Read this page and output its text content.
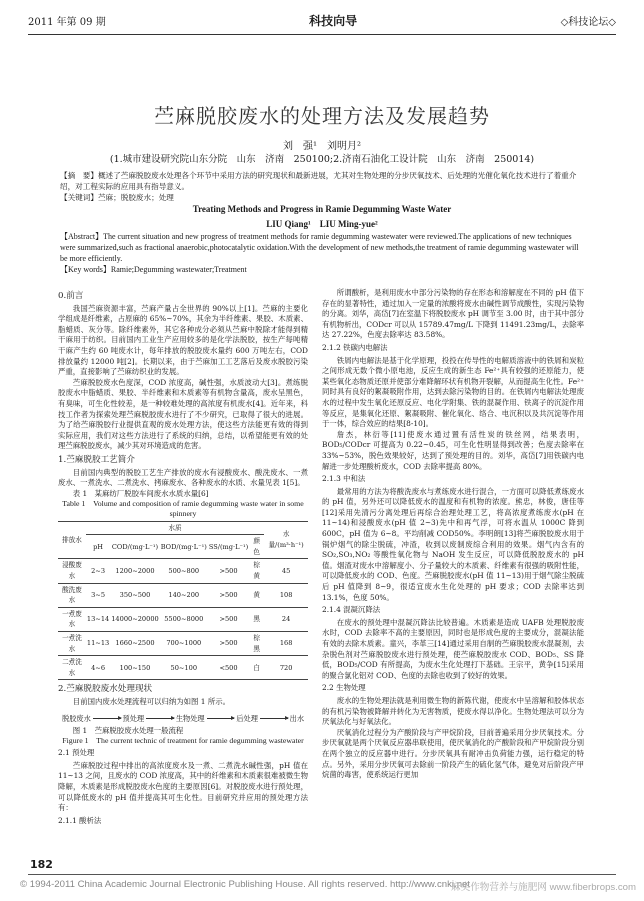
2011 年第 09 期	科技向导	◇科技论坛◇
苎麻脱胶废水的处理方法及发展趋势
刘　强¹　刘明月²
(1.城市建设研究院山东分院　山东　济南　250100;2.济南石油化工设计院　山东　济南　250014)

【摘　要】概述了苎麻脱胶废水处理各个环节中采用方法的研究现状和最新进展，尤其对生物处理的分步厌氧技术、后处理的光催化氧化技术进行了着重介绍，对工程实际的应用具有指导意义。

【关键词】苎麻；脱胶废水；处理

Treating Methods and Progress in Ramie Degumming Waste Water
LIU Qiang¹　LIU Ming-yue²

【Abstract】The current situation and new progress of treatment methods for ramie degumming wastewater were reviewed.The applications of new techniques were summarized,such as fractional anaerobic,photocatalytic oxidation.With the development of new methods,the treatment of ramie degumming wastewater will be more efficiently.

【Key words】Ramie;Degumming wastewater;Treatment

0.前言

我国苎麻资源丰富，苎麻产量占全世界的 90%以上[1]。苎麻的主要化学组成是纤维素，占原麻的 65%~70%，其余为半纤维素、果胶、木质素、脂蜡质、灰分等。除纤维素外，其它各种成分必须从苎麻中脱除才能得到精干麻用于纺织。目前国内工业生产应用较多的是化学法脱胶，按生产每吨精干麻产生约 60 吨废水计，每年排放的脱胶废水量约 600 万吨左右，COD 排放量约 12000 吨[2]。长期以来，由于苎麻加工工艺落后及废水脱胶污染严重，直接影响了苎麻纺织业的发展。

苎麻脱胶废水色度深，COD 浓度高，碱性强，水质波动大[3]。煮练脱胶废水中脂蜡质、果胶、半纤维素和木质素等有机物含量高，废水呈黑色，有臭味，可生化性较差，是一种较难处理的高浓度有机废水[4]。近年来，科技工作者为探索处理苎麻脱胶废水进行了不少研究，已取得了很大的进展。为了给苎麻脱胶行业提供直观的废水处理方法，使这些方法能更有效的得到实际应用，我们对这些方法进行了系统的归纳，总结，以希望能更有效的处理苎麻脱胶废水，减少其对环境造成的危害。

1.苎麻脱胶工艺简介

目前国内典型的脱胶工艺生产排放的废水有浸酸废水、酸洗废水、一煮废水、一煮洗水、二煮洗水、拷麻废水、各种废水的水质、水量见表 1[5]。

表 1　某麻纺厂脱胶车间废水水质水量[6]

Table 1　Volume and composition of ramie degumming waste water in some spinnery
排放水	水质					水量/(m³·h⁻¹)
	pH	COD/(mg·L⁻¹)	BOD/(mg·L⁻¹)	SS/(mg·L⁻¹)	颜色	
浸酸废水	2~3	1200~2000	500~800	>500	棕黄	45
酸洗废水	3~5	350~500	140~200	>500	黄	108
一煮废水	13~14	14000~20000	5500~8000	>500	黑	24
一煮洗水	11~13	1660~2500	700~1000	>500	棕黑	168
二煮洗水	4~6	100~150	50~100	<500	白	720

2.苎麻脱胶废水处理现状

目前国内废水处理流程可以归纳为如图 1 所示。

脱胶废水	预处理	生物处理	后处理	出水

图 1　苎麻脱胶废水处理一般流程

Figure 1　The current technic of treatment for ramie degumming wastewater

2.1 预处理

苎麻脱胶过程中排出的高浓度废水及一煮、二煮洗水碱性强，pH 值在 11~13 之间，且废水的 COD 浓度高，其中的纤维素和木质素很难被微生物降解，木质素是形成脱胶废水色度的主要原因[6]。对脱胶废水进行预处理，可以降低废水的 pH 值并提高其可生化性。目前研究并应用的预处理方法有：

2.1.1 酸析法

所谓酸析，是利用废水中部分污染物的存在形态和溶解度在不同的 pH 值下存在的显著特性，通过加入一定量的浓酸将废水由碱性调节成酸性，实现污染物的分离。刘华，高岱[7]在室温下将脱胶废水 pH 调节至 3.00 时，由于其中部分有机物析出，CODcr 可以从 15789.47mg/L 下降到 11491.23mg/L，去除率达 27.22%，色度去除率达 83.58%。

2.1.2 铁碳内电解法

铁屑内电解法是基于化学原理，投投在传导性的电解质溶液中的铁屑和炭粒之间形成无数个微小原电池，反应生成的新生态 Fe²⁺具有较强的还原能力，使某些氧化态物质还原并使部分难降解环状有机物开裂解，从而提高生化性。Fe²⁺同时具有良好的絮凝吸附作用，达到去除污染物的目的。在铁屑内电解法处理废水的过程中发生氧化还原反应、电化学附集、铁的混凝作用、铁离子的沉淀作用等反应，是集氧化还原、絮凝吸附、催化氧化、络合、电沉积以及共沉淀等作用于一体，综合效应的结果[8-10]。

詹杰，林衍等[11]使废水通过置有活性炭的铁丝网，结果表明，BOD₅/CODcr 可提高为 0.22~0.45，可生化性明显得到改善；色度去除率在 33%~53%，脱色效果较好，达到了预处理的目的。刘华，高岱[7]用铁碳内电解进一步处理酸析废水，COD 去除率提高 80%。

2.1.3 中和法

最常用的方法为将酸洗废水与煮练废水进行混合，一方面可以降低煮练废水的 pH 值，另外还可以降低废水的温度和有机物的浓度。熊忠，林俊，唐佳等[12]采用先清污分离处理后再综合治理处理工艺，将高浓度煮练废水(pH 在 11~14)和浸酸废水(pH 值 2~3)先中和再气浮，可将水温从 1000C 降到 600C，pH 值为 6~8。平均削减 COD50%。李明朗[13]将苎麻脱胶废水用于锅炉烟气的除尘脱硫，冲渣，收到以废制废综合利用的效果。烟气内含有的 SO₂,SO₃,NO₂ 等酸性氧化物与 NaOH 发生反应，可以降低脱胶废水的 pH 值。烟渣对废水中溶解度小、分子量较大的木质素、纤维素有很强的吸附性能，可以降低废水的 COD、色度。苎麻脱胶废水(pH 值 11~13)用于烟气除尘脱硫后 pH 值降到 8~9，很适宜废水生化处理的 pH 要求；COD 去除率达到 13.1%，色度 50%。

2.1.4 混凝沉降法

在废水的预处理中混凝沉降法比较普遍。木质素是造成 UAFB 处理脱胶废水时，COD 去除率不高的主要原因，同时也是形成色度的主要成分，混凝法能有效的去除木质素。童兴，李革三[14]通过采用自制的苎麻脱胶废水混凝剂，去杂脱色剂对苎麻脱胶废水进行预处理，使苎麻脱胶废水 COD、BOD₅、SS 降低，BOD₅/COD 有所提高，为废水生化处理打下基础。王宗平，黄争[15]采用的聚合氯化铝对 COD、色度的去除也收到了较好的效果。

2.2 生物处理

废水的生物处理法就是利用微生物的新陈代谢，使废水中呈溶解和胶体状态的有机污染物被降解并转化为无害物质，使废水得以净化。生物处理法可以分为厌氧法化与好氧法化。

厌氧消化过程分为产酸阶段与产甲烷阶段，目前普遍采用分步厌氧技术。分步厌氧就是两个厌氧反应器串联使用，使厌氧消化的产酸阶段和产甲烷阶段分别在两个独立的反应器中进行。分步厌氧具有耐冲击负荷能力强，运行稳定的特点。另外，采用分步厌氧可去除前一阶段产生的硫化氢气体，避免对后阶段产甲烷菌的毒害，使系统运行更加

182
© 1994-2011 China Academic Journal Electronic Publishing House. All rights reserved. http://www.cnki.net
麻类作物营养与施肥网 www.fiberbrops.com
